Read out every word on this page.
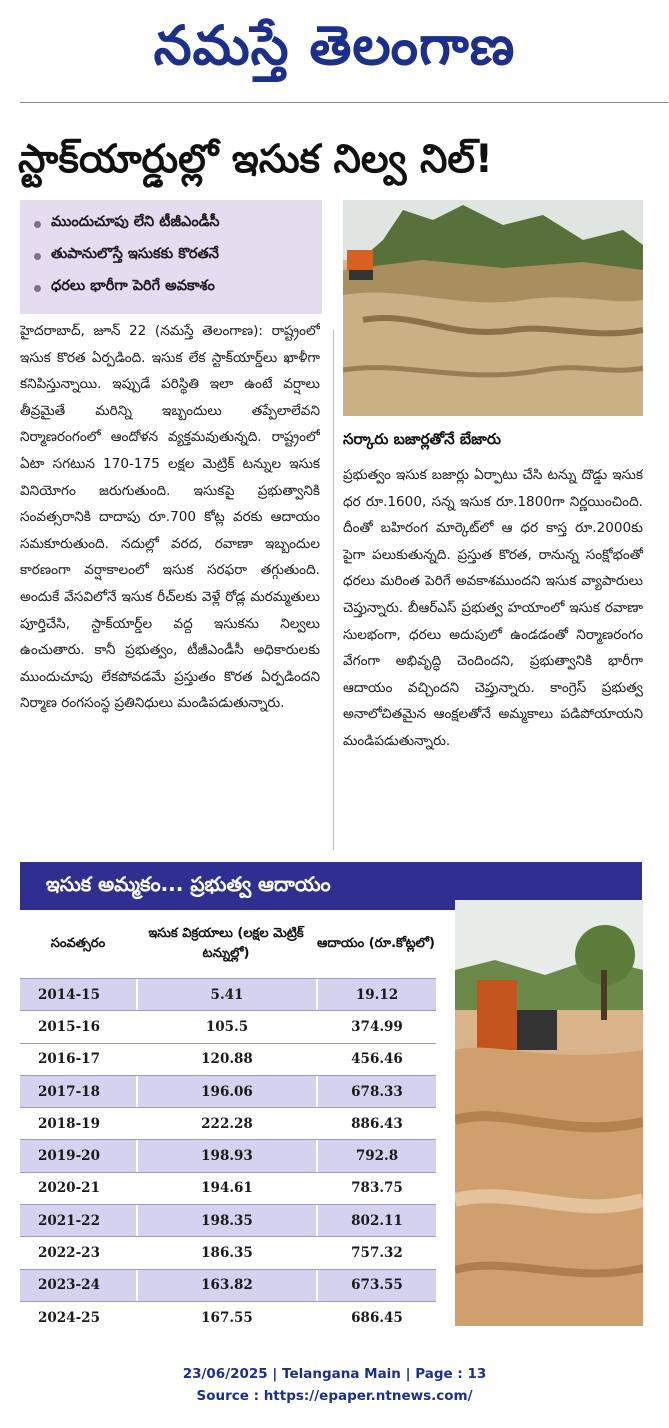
నమస్తే తెలంగాణ
స్టాక్‌యార్డుల్లో ఇసుక నిల్వ నిల్!
ముందుచూపు లేని టీజీఎండీసీ
తుపానులొస్తే ఇసుకకు కొరతనే
ధరలు భారీగా పెరిగే అవకాశం
హైదరాబాద్, జూన్ 22 (నమస్తే తెలంగాణ): రాష్ట్రంలో ఇసుక కొరత ఏర్పడింది. ఇసుక లేక స్టాక్‌యార్డ్‌లు ఖాళీగా కనిపిస్తున్నాయి. ఇప్పుడే పరిస్థితి ఇలా ఉంటే వర్షాలు తీవ్రమైతే మరిన్ని ఇబ్బందులు తప్పేలాలేవని నిర్మాణరంగంలో ఆందోళన వ్యక్తమవుతున్నది. రాష్ట్రంలో ఏటా సగటున 170-175 లక్షల మెట్రిక్ టన్నుల ఇసుక వినియోగం జరుగుతుంది. ఇసుకపై ప్రభుత్వానికి సంవత్సరానికి దాదాపు రూ.700 కోట్ల వరకు ఆదాయం సమకూరుతుంది. నదుల్లో వరద, రవాణా ఇబ్బందుల కారణంగా వర్షాకాలంలో ఇసుక సరఫరా తగ్గుతుంది. అందుకే వేసవిలోనే ఇసుక రీచ్‌లకు వెళ్లే రోడ్ల మరమ్మతులు పూర్తిచేసి, స్టాక్‌యార్డ్‌ల వద్ద ఇసుకను నిల్వలు ఉంచుతారు. కానీ ప్రభుత్వం, టీజీఎండీసీ అధికారులకు ముందుచూపు లేకపోవడమే ప్రస్తుతం కొరత ఏర్పడిందని నిర్మాణ రంగసంస్థ ప్రతినిధులు మండిపడుతున్నారు.
సర్కారు బజార్లతోనే బేజారు
ప్రభుత్వం ఇసుక బజార్లు ఏర్పాటు చేసి టన్ను దొడ్డు ఇసుక ధర రూ.1600, సన్న ఇసుక రూ.1800గా నిర్ణయించింది. దీంతో బహిరంగ మార్కెట్‌లో ఆ ధర కాస్త రూ.2000కు పైగా పలుకుతున్నది. ప్రస్తుత కొరత, రానున్న సంక్షోభంతో ధరలు మరింత పెరిగే అవకాశముందని ఇసుక వ్యాపారులు చెప్తున్నారు. బీఆర్‌ఎస్ ప్రభుత్వ హయాంలో ఇసుక రవాణా సులభంగా, ధరలు అదుపులో ఉండడంతో నిర్మాణరంగం వేగంగా అభివృద్ధి చెందిందని, ప్రభుత్వానికి భారీగా ఆదాయం వచ్చిందని చెప్తున్నారు. కాంగ్రెస్ ప్రభుత్వ అనాలోచితమైన ఆంక్షలతోనే అమ్మకాలు పడిపోయాయని మండిపడుతున్నారు.
ఇసుక అమ్మకం... ప్రభుత్వ ఆదాయం
సంవత్సరం
ఇసుక విక్రయాలు (లక్షల మెట్రిక్ టన్నుల్లో)
ఆదాయం (రూ.కోట్లలో)
2014-15	5.41	19.12
2015-16	105.5	374.99
2016-17	120.88	456.46
2017-18	196.06	678.33
2018-19	222.28	886.43
2019-20	198.93	792.8
2020-21	194.61	783.75
2021-22	198.35	802.11
2022-23	186.35	757.32
2023-24	163.82	673.55
2024-25	167.55	686.45
23/06/2025 | Telangana Main | Page : 13
Source : https://epaper.ntnews.com/
